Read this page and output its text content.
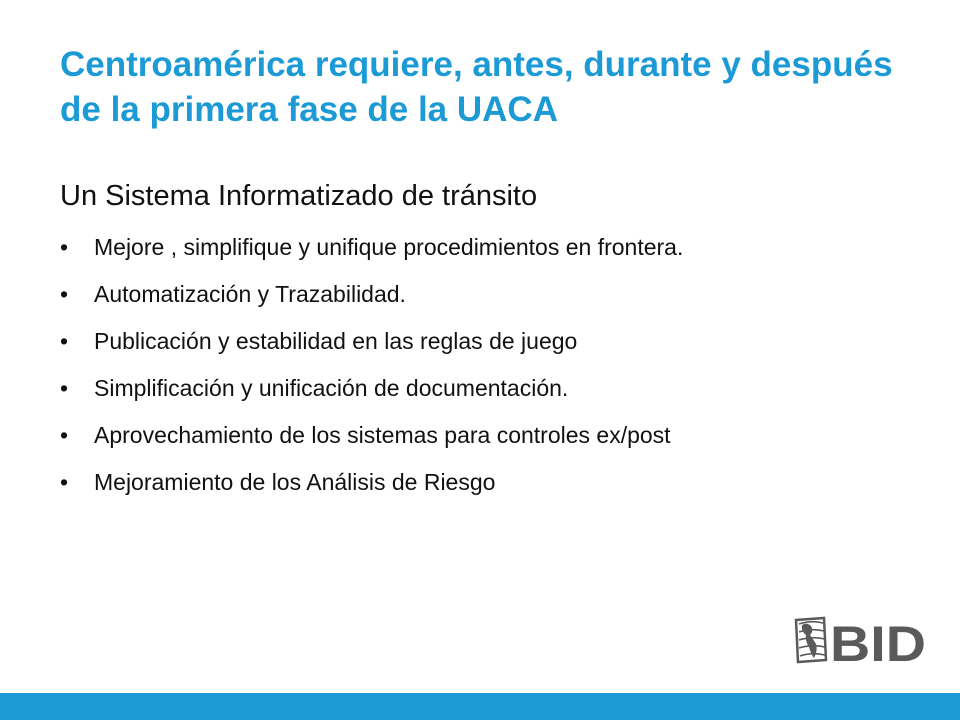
Centroamérica requiere, antes, durante y después de la primera fase de la UACA
Un Sistema Informatizado de tránsito
•	Mejore , simplifique y unifique procedimientos en frontera.
•	Automatización y Trazabilidad.
•	Publicación y estabilidad en las reglas de juego
•	Simplificación y unificación de documentación.
•	Aprovechamiento de los sistemas para controles ex/post
•	Mejoramiento de los Análisis de Riesgo
BID
